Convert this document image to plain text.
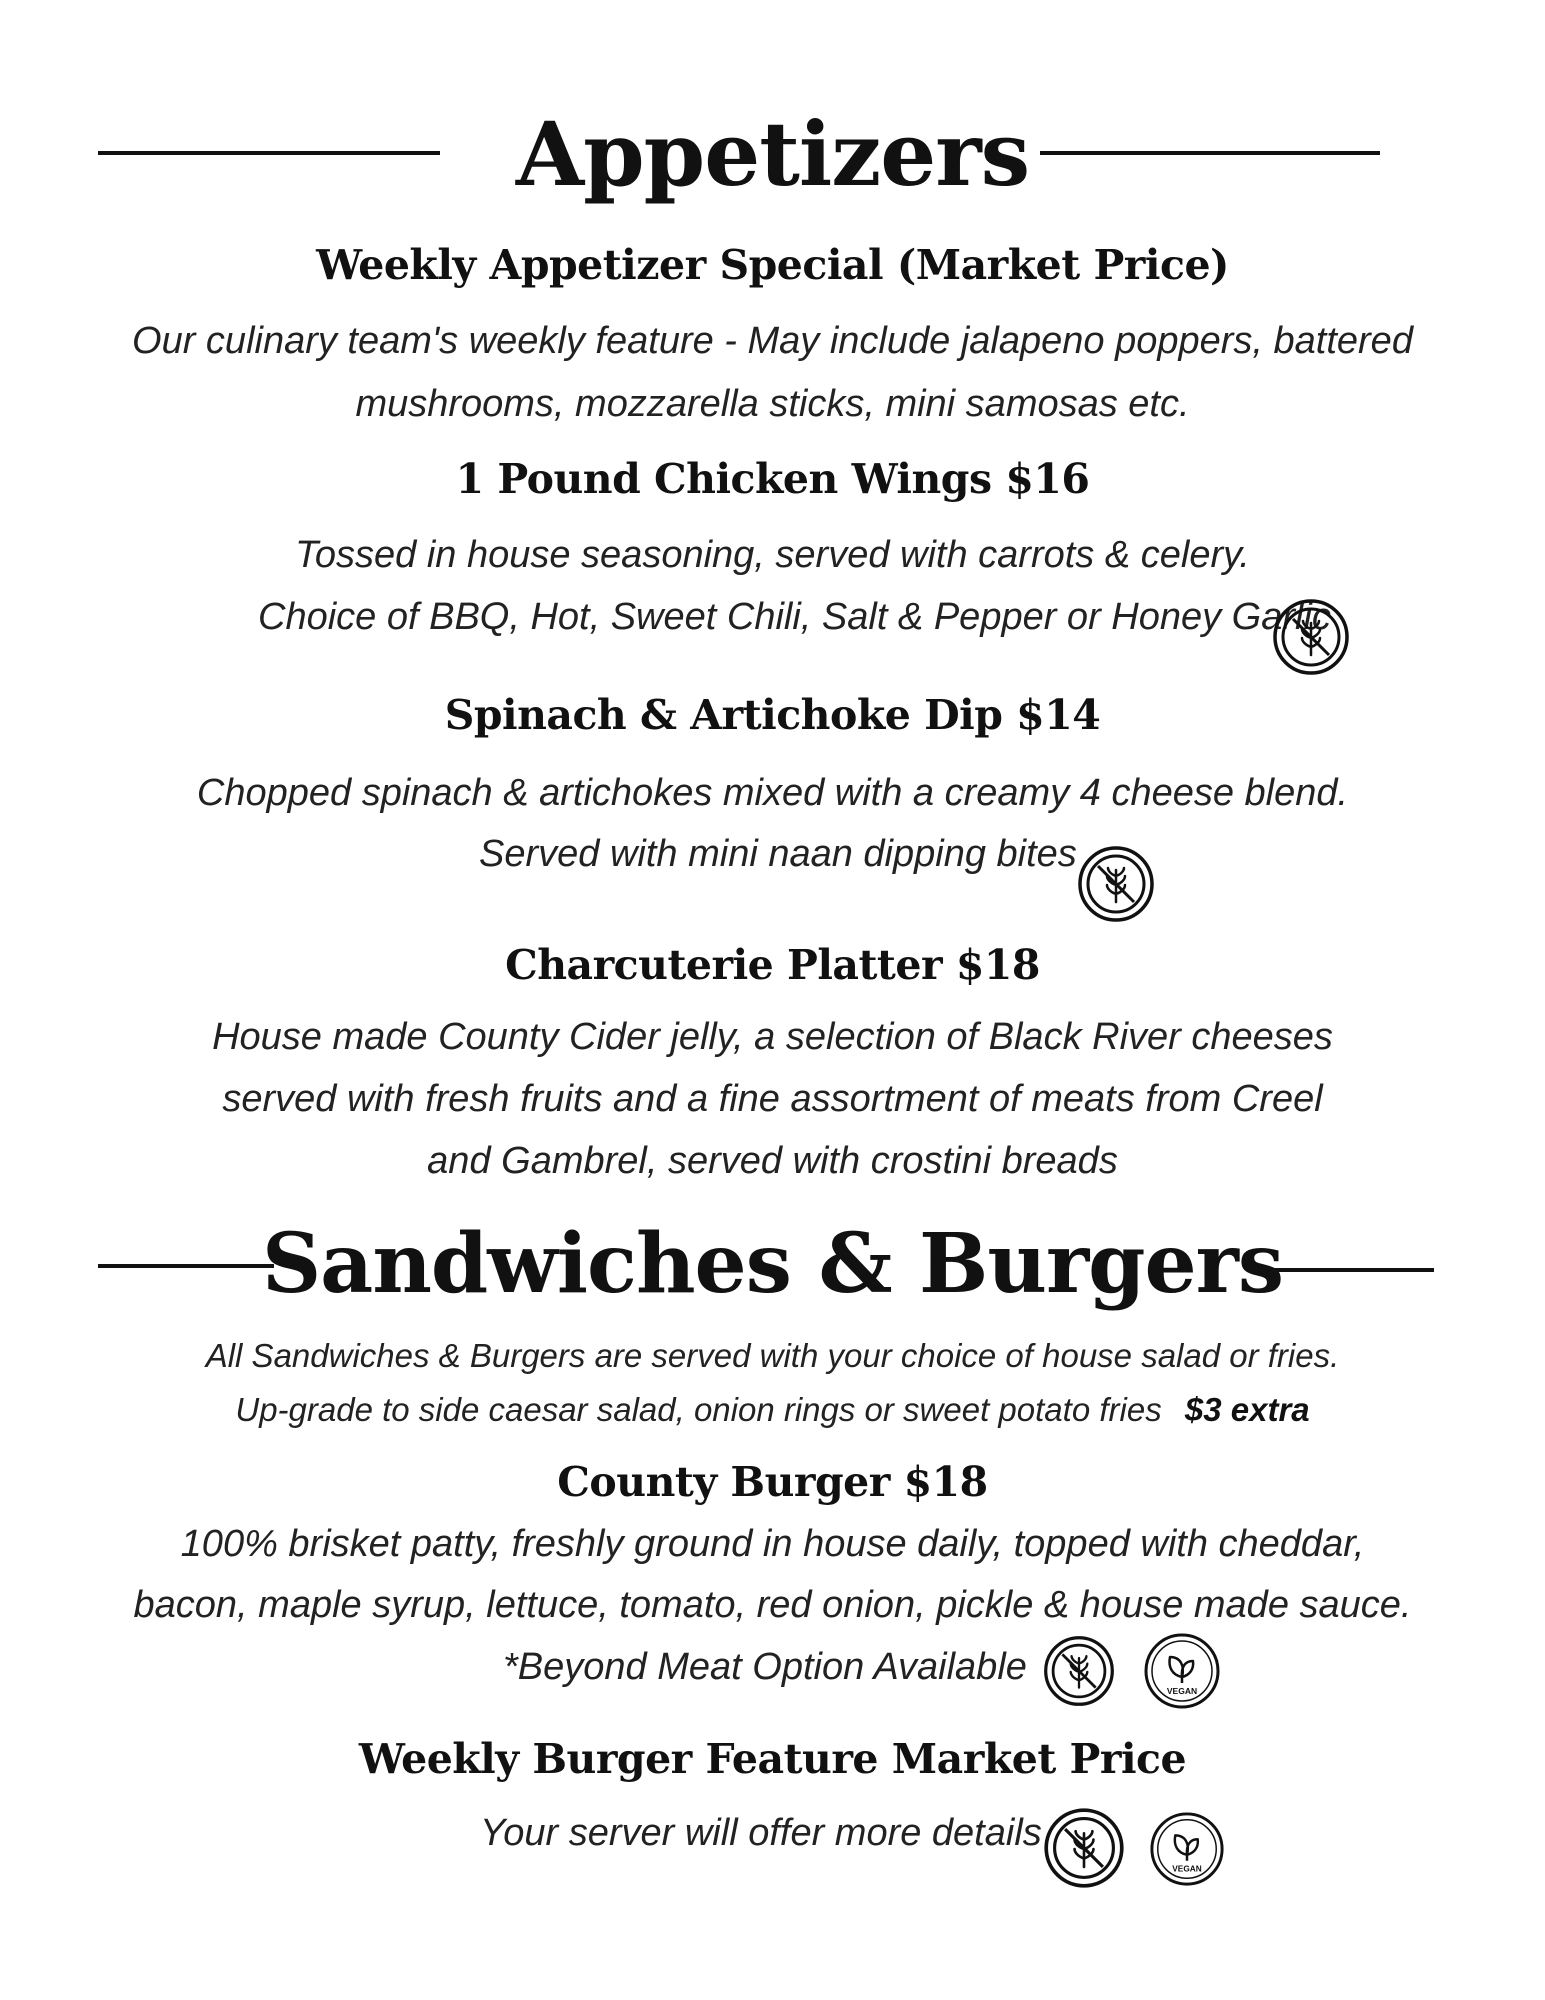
Appetizers
Weekly Appetizer Special (Market Price)
Our culinary team's weekly feature - May include jalapeno poppers, battered
mushrooms, mozzarella sticks, mini samosas etc.
1 Pound Chicken Wings $16
Tossed in house seasoning, served with carrots & celery.
Choice of BBQ, Hot, Sweet Chili, Salt & Pepper or Honey Garlic
Spinach & Artichoke Dip $14
Chopped spinach & artichokes mixed with a creamy 4 cheese blend.
Served with mini naan dipping bites
Charcuterie Platter $18
House made County Cider jelly, a selection of Black River cheeses
served with fresh fruits and a fine assortment of meats from Creel
and Gambrel, served with crostini breads
Sandwiches & Burgers
All Sandwiches & Burgers are served with your choice of house salad or fries.
Up-grade to side caesar salad, onion rings or sweet potato fries $3 extra
County Burger $18
100% brisket patty, freshly ground in house daily, topped with cheddar,
bacon, maple syrup, lettuce, tomato, red onion, pickle & house made sauce.
*Beyond Meat Option Available
VEGAN
Weekly Burger Feature Market Price
Your server will offer more details
VEGAN
